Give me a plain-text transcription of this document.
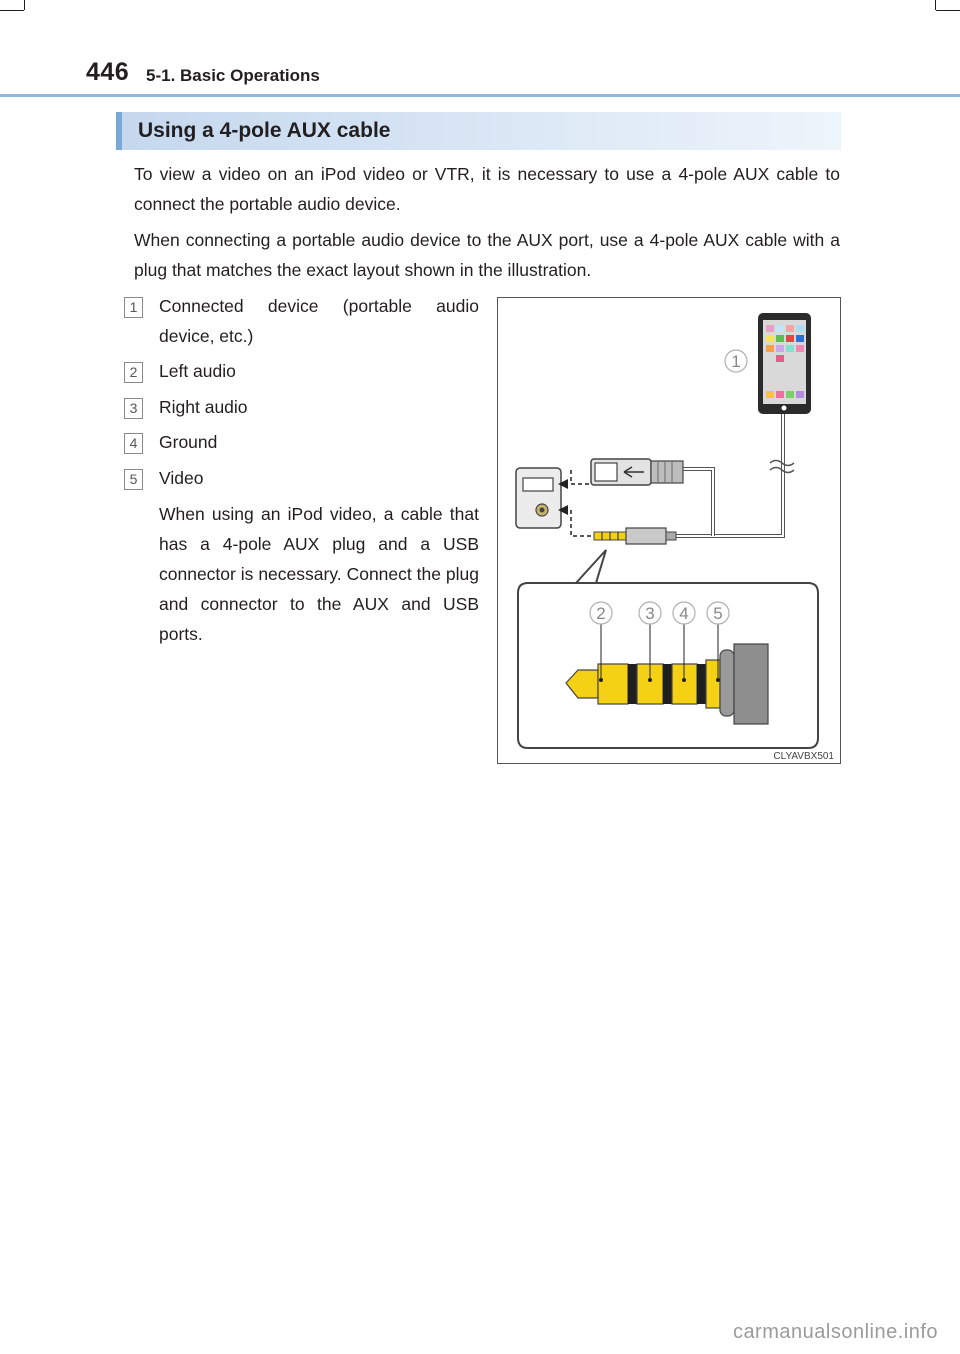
446 5-1. Basic Operations
Using a 4-pole AUX cable
To view a video on an iPod video or VTR, it is necessary to use a 4-pole AUX cable to connect the portable audio device.
When connecting a portable audio device to the AUX port, use a 4-pole AUX cable with a plug that matches the exact layout shown in the illustration.
1	Connected device (portable audio device, etc.)
2	Left audio
3	Right audio
4	Ground
5	Video
When using an iPod video, a cable that has a 4-pole AUX plug and a USB connector is necessary. Connect the plug and connector to the AUX and USB ports.
1
2 3 4 5
CLYAVBX501
carmanualsonline.info
